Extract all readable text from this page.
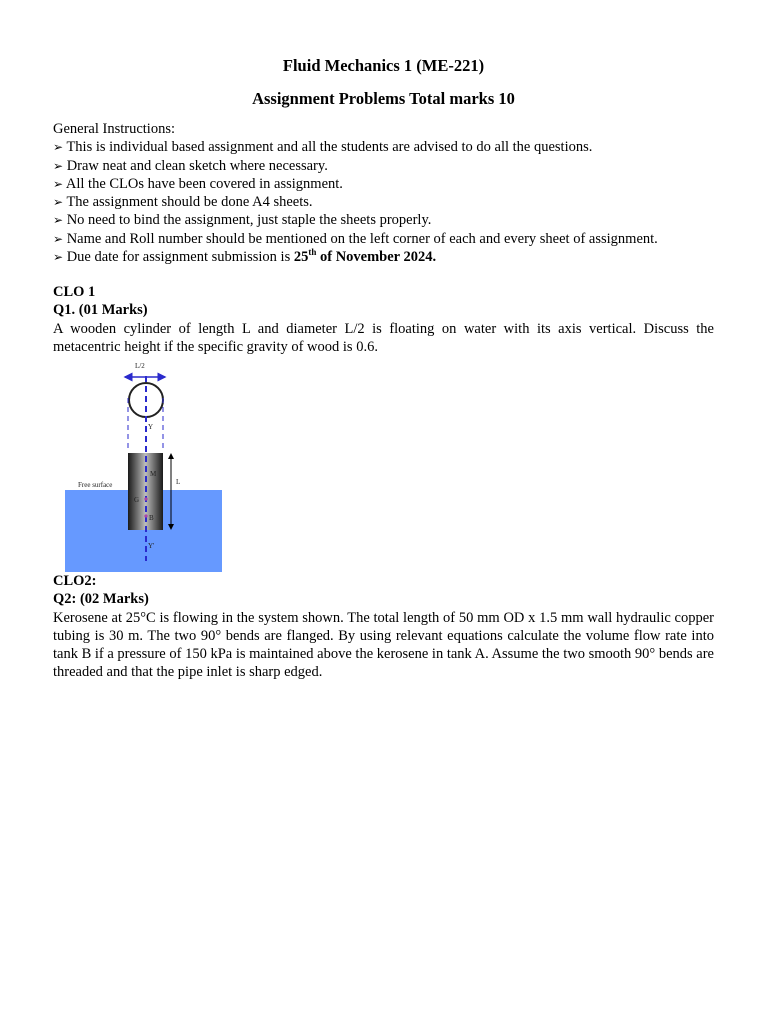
Fluid Mechanics 1 (ME-221)

Assignment Problems Total marks 10

General Instructions:
➢ This is individual based assignment and all the students are advised to do all the questions.
➢ Draw neat and clean sketch where necessary.
➢ All the CLOs have been covered in assignment.
➢ The assignment should be done A4 sheets.
➢ No need to bind the assignment, just staple the sheets properly.
➢ Name and Roll number should be mentioned on the left corner of each and every sheet of assignment.
➢ Due date for assignment submission is 25th of November 2024.
CLO 1
Q1. (01 Marks)
A wooden cylinder of length L and diameter L/2 is floating on water with its axis vertical. Discuss the metacentric height if the specific gravity of wood is 0.6.
Free surface
L/2
Y
Y'
M
G
B
L
CLO2:
Q2: (02 Marks)
Kerosene at 25°C is flowing in the system shown. The total length of 50 mm OD x 1.5 mm wall hydraulic copper tubing is 30 m. The two 90° bends are flanged. By using relevant equations calculate the volume flow rate into tank B if a pressure of 150 kPa is maintained above the kerosene in tank A. Assume the two smooth 90° bends are threaded and that the pipe inlet is sharp edged.
